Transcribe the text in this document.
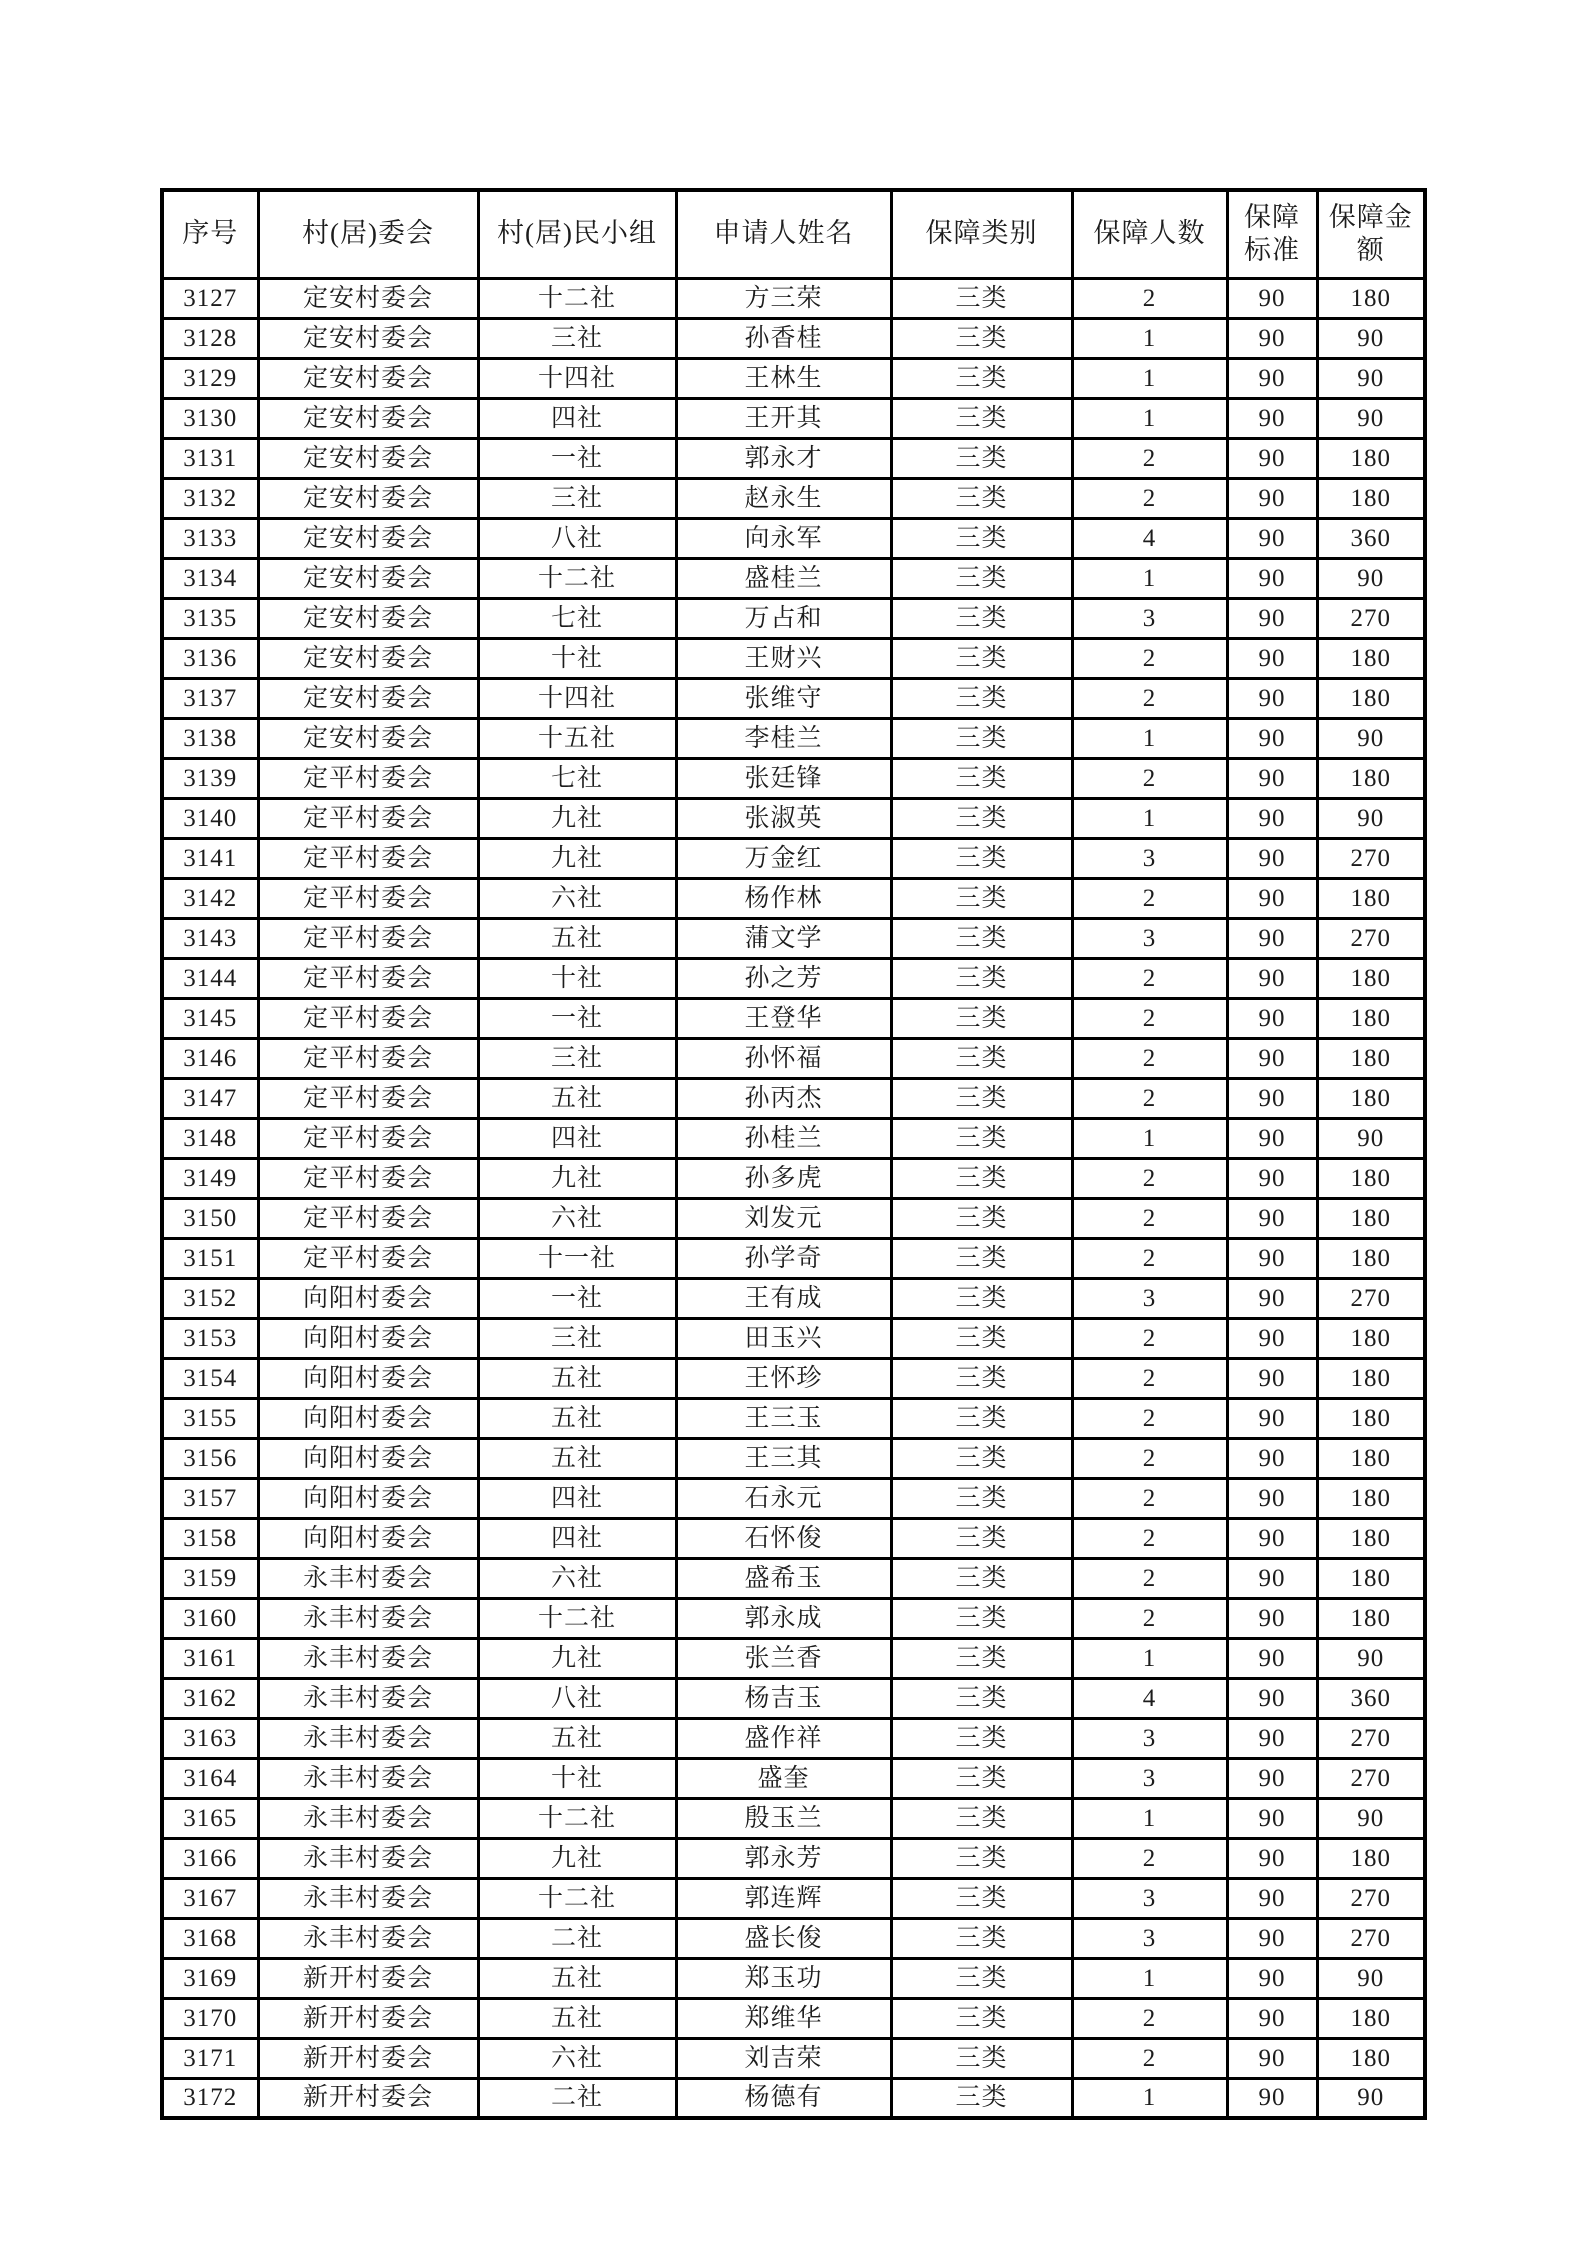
序号	村(居)委会	村(居)民小组	申请人姓名	保障类别	保障人数	保障标准	保障金额
3127	定安村委会	十二社	方三荣	三类	2	90	180
3128	定安村委会	三社	孙香桂	三类	1	90	90
3129	定安村委会	十四社	王林生	三类	1	90	90
3130	定安村委会	四社	王开其	三类	1	90	90
3131	定安村委会	一社	郭永才	三类	2	90	180
3132	定安村委会	三社	赵永生	三类	2	90	180
3133	定安村委会	八社	向永军	三类	4	90	360
3134	定安村委会	十二社	盛桂兰	三类	1	90	90
3135	定安村委会	七社	万占和	三类	3	90	270
3136	定安村委会	十社	王财兴	三类	2	90	180
3137	定安村委会	十四社	张维守	三类	2	90	180
3138	定安村委会	十五社	李桂兰	三类	1	90	90
3139	定平村委会	七社	张廷锋	三类	2	90	180
3140	定平村委会	九社	张淑英	三类	1	90	90
3141	定平村委会	九社	万金红	三类	3	90	270
3142	定平村委会	六社	杨作林	三类	2	90	180
3143	定平村委会	五社	蒲文学	三类	3	90	270
3144	定平村委会	十社	孙之芳	三类	2	90	180
3145	定平村委会	一社	王登华	三类	2	90	180
3146	定平村委会	三社	孙怀福	三类	2	90	180
3147	定平村委会	五社	孙丙杰	三类	2	90	180
3148	定平村委会	四社	孙桂兰	三类	1	90	90
3149	定平村委会	九社	孙多虎	三类	2	90	180
3150	定平村委会	六社	刘发元	三类	2	90	180
3151	定平村委会	十一社	孙学奇	三类	2	90	180
3152	向阳村委会	一社	王有成	三类	3	90	270
3153	向阳村委会	三社	田玉兴	三类	2	90	180
3154	向阳村委会	五社	王怀珍	三类	2	90	180
3155	向阳村委会	五社	王三玉	三类	2	90	180
3156	向阳村委会	五社	王三其	三类	2	90	180
3157	向阳村委会	四社	石永元	三类	2	90	180
3158	向阳村委会	四社	石怀俊	三类	2	90	180
3159	永丰村委会	六社	盛希玉	三类	2	90	180
3160	永丰村委会	十二社	郭永成	三类	2	90	180
3161	永丰村委会	九社	张兰香	三类	1	90	90
3162	永丰村委会	八社	杨吉玉	三类	4	90	360
3163	永丰村委会	五社	盛作祥	三类	3	90	270
3164	永丰村委会	十社	盛奎	三类	3	90	270
3165	永丰村委会	十二社	殷玉兰	三类	1	90	90
3166	永丰村委会	九社	郭永芳	三类	2	90	180
3167	永丰村委会	十二社	郭连辉	三类	3	90	270
3168	永丰村委会	二社	盛长俊	三类	3	90	270
3169	新开村委会	五社	郑玉功	三类	1	90	90
3170	新开村委会	五社	郑维华	三类	2	90	180
3171	新开村委会	六社	刘吉荣	三类	2	90	180
3172	新开村委会	二社	杨德有	三类	1	90	90
